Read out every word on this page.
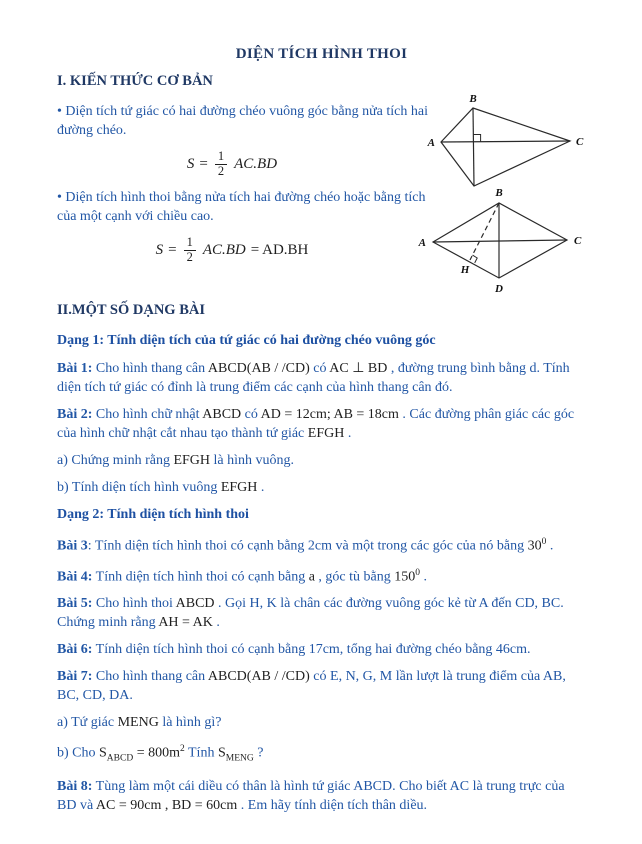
DIỆN TÍCH HÌNH THOI
I. KIẾN THỨC CƠ BẢN

• Diện tích tứ giác có hai đường chéo vuông góc bằng nửa tích hai đường chéo.

$S = \frac{1}{2} AC.BD$

• Diện tích hình thoi bằng nửa tích hai đường chéo hoặc bằng tích của một cạnh với chiều cao.

$S = \frac{1}{2} AC.BD = AD.BH$
II.MỘT SỐ DẠNG BÀI

Dạng 1: Tính diện tích của tứ giác có hai đường chéo vuông góc

Bài 1: Cho hình thang cân ABCD(AB / /CD) có AC ⊥ BD , đường trung bình bằng d. Tính diện tích tứ giác có đỉnh là trung điểm các cạnh của hình thang cân đó.

Bài 2: Cho hình chữ nhật ABCD có AD = 12cm; AB = 18cm . Các đường phân giác các góc của hình chữ nhật cắt nhau tạo thành tứ giác EFGH .

a) Chứng minh rằng EFGH là hình vuông.

b) Tính diện tích hình vuông EFGH .

Dạng 2: Tính diện tích hình thoi

Bài 3: Tính diện tích hình thoi có cạnh bằng 2cm và một trong các góc của nó bằng $30^0$ .

Bài 4: Tính diện tích hình thoi có cạnh bằng a , góc tù bằng $150^0$ .

Bài 5: Cho hình thoi ABCD . Gọi H, K là chân các đường vuông góc kẻ từ A đến CD, BC. Chứng minh rằng AH = AK .

Bài 6: Tính diện tích hình thoi có cạnh bằng 17cm, tổng hai đường chéo bằng 46cm.

Bài 7: Cho hình thang cân ABCD(AB / /CD) có E, N, G, M lần lượt là trung điểm của AB, BC, CD, DA.

a) Tứ giác MENG là hình gì?

b) Cho $S_{ABCD} = 800m^2$ Tính $S_{MENG}$ ?

Bài 8: Tùng làm một cái diều có thân là hình tứ giác ABCD. Cho biết AC là trung trực của BD và AC = 90cm , BD = 60cm . Em hãy tính diện tích thân diều.

B
A	C
B
A	C
D
H
